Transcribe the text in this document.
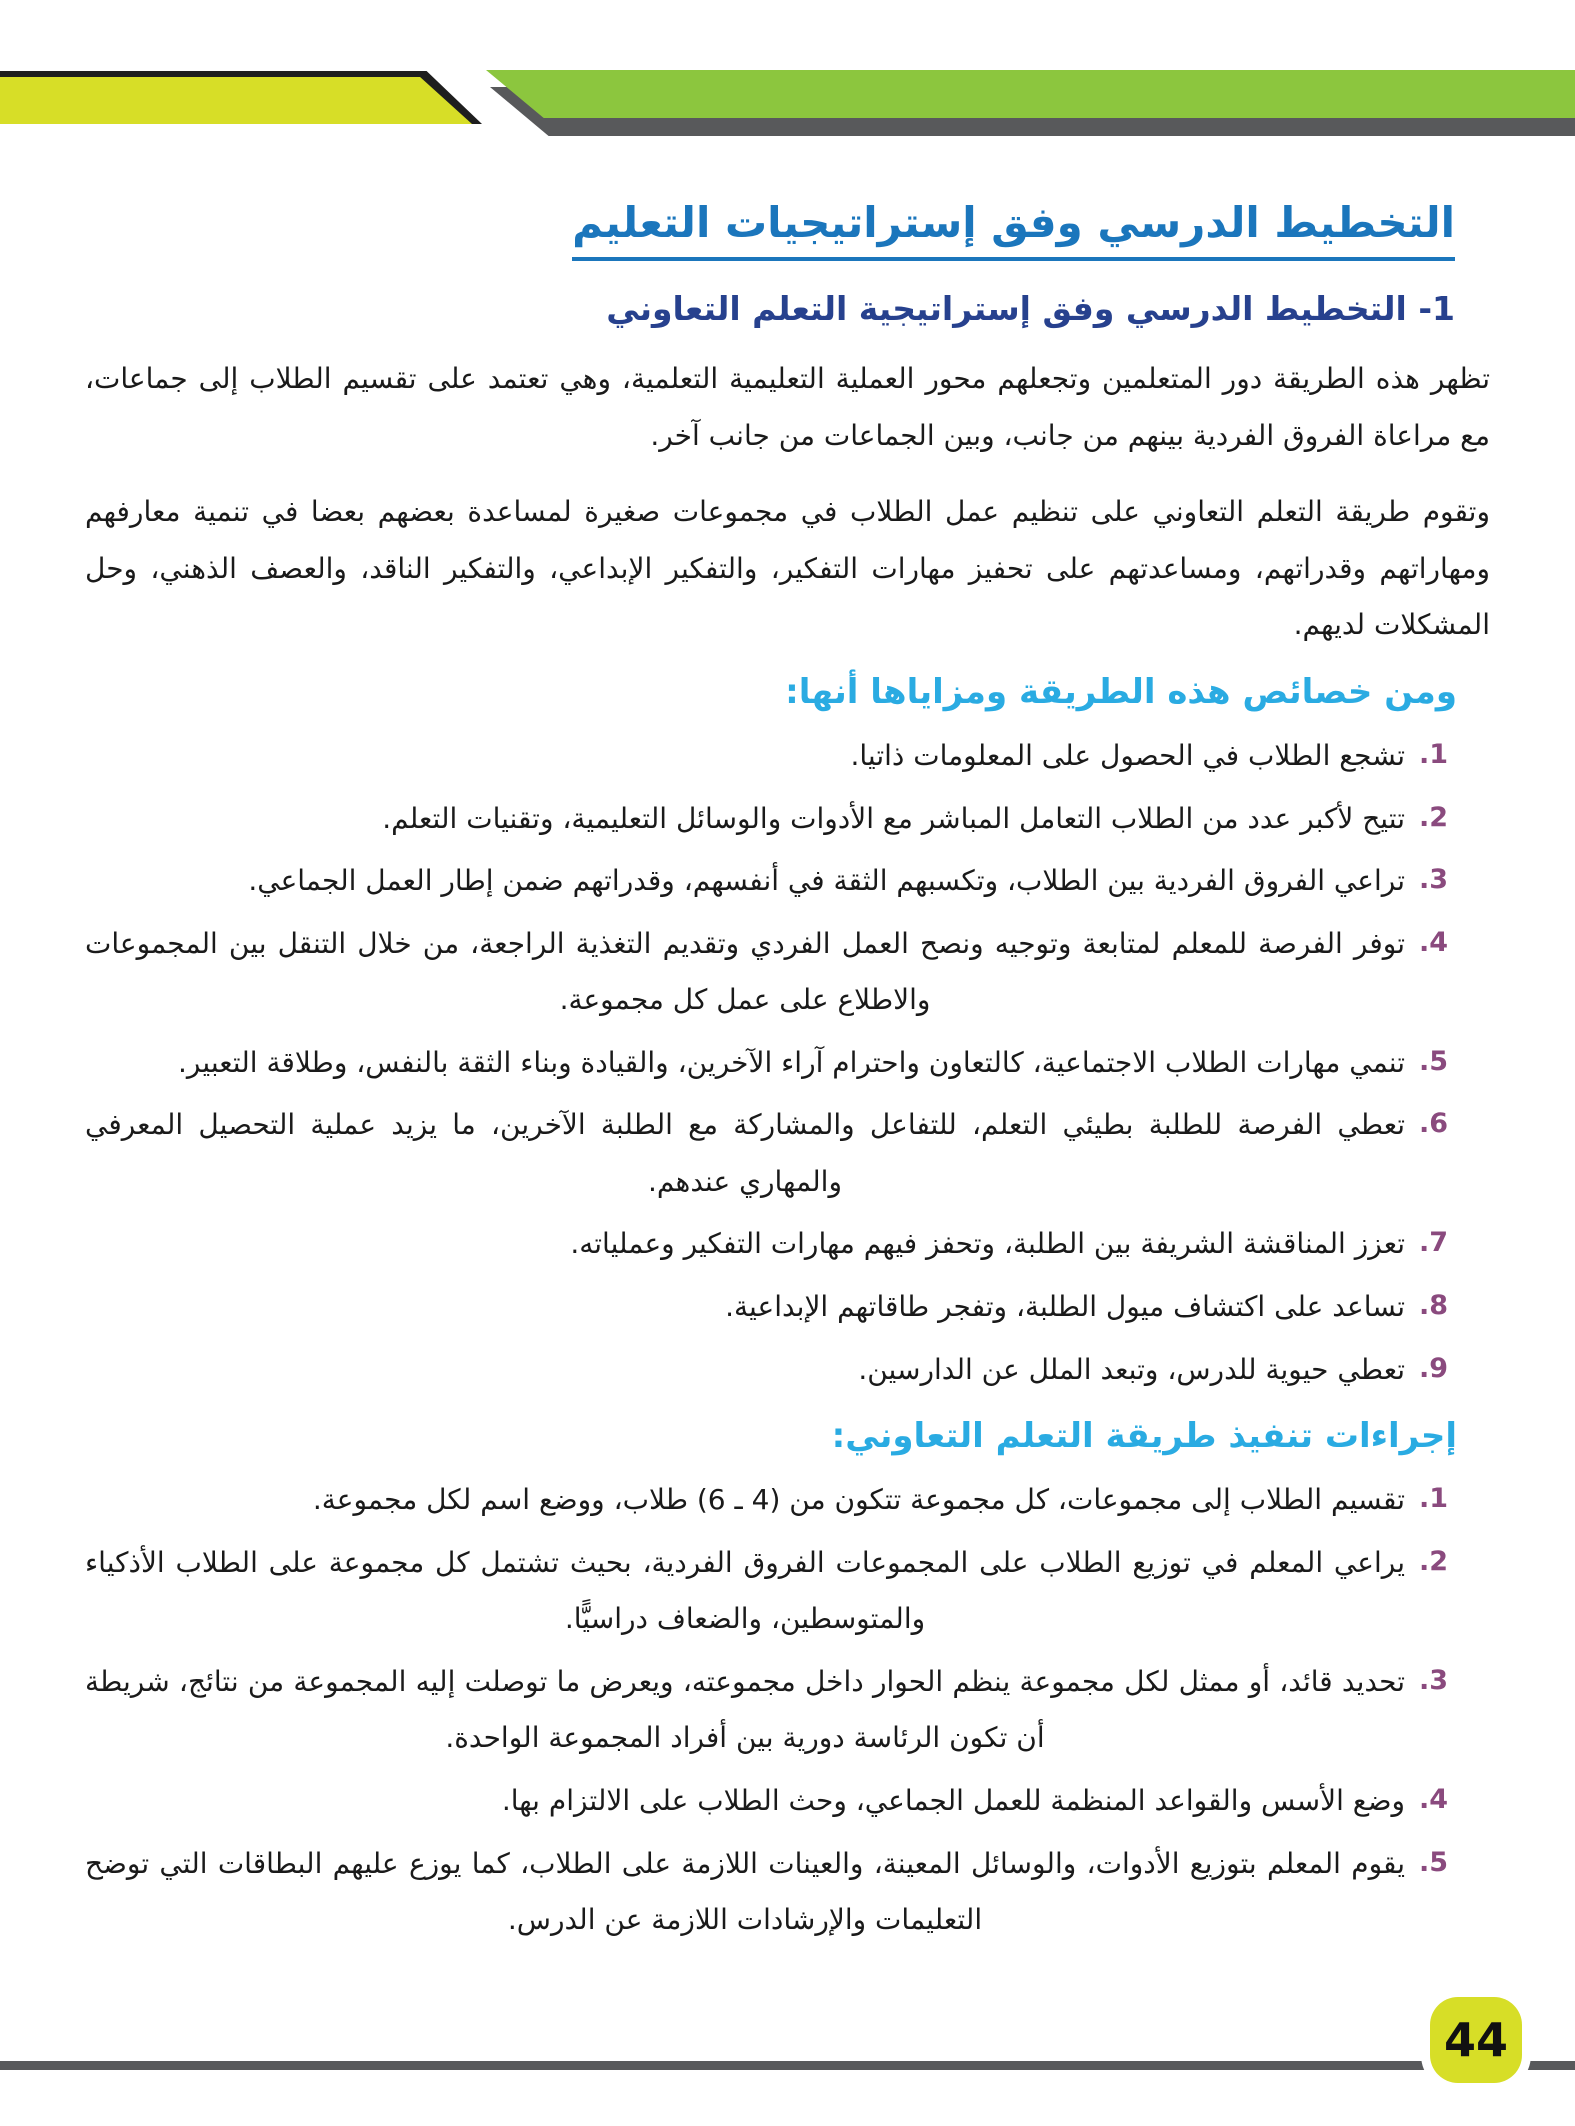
التخطيط الدرسي وفق إستراتيجيات التعليم
1- التخطيط الدرسي وفق إستراتيجية التعلم التعاوني

تظهر هذه الطريقة دور المتعلمين وتجعلهم محور العملية التعليمية التعلمية، وهي تعتمد على تقسيم الطلاب إلى جماعات، مع مراعاة الفروق الفردية بينهم من جانب، وبين الجماعات من جانب آخر.

وتقوم طريقة التعلم التعاوني على تنظيم عمل الطلاب في مجموعات صغيرة لمساعدة بعضهم بعضا في تنمية معارفهم ومهاراتهم وقدراتهم، ومساعدتهم على تحفيز مهارات التفكير، والتفكير الإبداعي، والتفكير الناقد، والعصف الذهني، وحل المشكلات لديهم.

ومن خصائص هذه الطريقة ومزاياها أنها:
1.
تشجع الطلاب في الحصول على المعلومات ذاتيا.
2.
تتيح لأكبر عدد من الطلاب التعامل المباشر مع الأدوات والوسائل التعليمية، وتقنيات التعلم.
3.
تراعي الفروق الفردية بين الطلاب، وتكسبهم الثقة في أنفسهم، وقدراتهم ضمن إطار العمل الجماعي.
4.
توفر الفرصة للمعلم لمتابعة وتوجيه ونصح العمل الفردي وتقديم التغذية الراجعة، من خلال التنقل بين المجموعات والاطلاع على عمل كل مجموعة.
5.
تنمي مهارات الطلاب الاجتماعية، كالتعاون واحترام آراء الآخرين، والقيادة وبناء الثقة بالنفس، وطلاقة التعبير.
6.
تعطي الفرصة للطلبة بطيئي التعلم، للتفاعل والمشاركة مع الطلبة الآخرين، ما يزيد عملية التحصيل المعرفي والمهاري عندهم.
7.
تعزز المناقشة الشريفة بين الطلبة، وتحفز فيهم مهارات التفكير وعملياته.
8.
تساعد على اكتشاف ميول الطلبة، وتفجر طاقاتهم الإبداعية.
9.
تعطي حيوية للدرس، وتبعد الملل عن الدارسين.
إجراءات تنفيذ طريقة التعلم التعاوني:
1.
تقسيم الطلاب إلى مجموعات، كل مجموعة تتكون من (4 ـ 6) طلاب، ووضع اسم لكل مجموعة.
2.
يراعي المعلم في توزيع الطلاب على المجموعات الفروق الفردية، بحيث تشتمل كل مجموعة على الطلاب الأذكياء والمتوسطين، والضعاف دراسيًّا.
3.
تحديد قائد، أو ممثل لكل مجموعة ينظم الحوار داخل مجموعته، ويعرض ما توصلت إليه المجموعة من نتائج، شريطة أن تكون الرئاسة دورية بين أفراد المجموعة الواحدة.
4.
وضع الأسس والقواعد المنظمة للعمل الجماعي، وحث الطلاب على الالتزام بها.
5.
يقوم المعلم بتوزيع الأدوات، والوسائل المعينة، والعينات اللازمة على الطلاب، كما يوزع عليهم البطاقات التي توضح التعليمات والإرشادات اللازمة عن الدرس.
44
